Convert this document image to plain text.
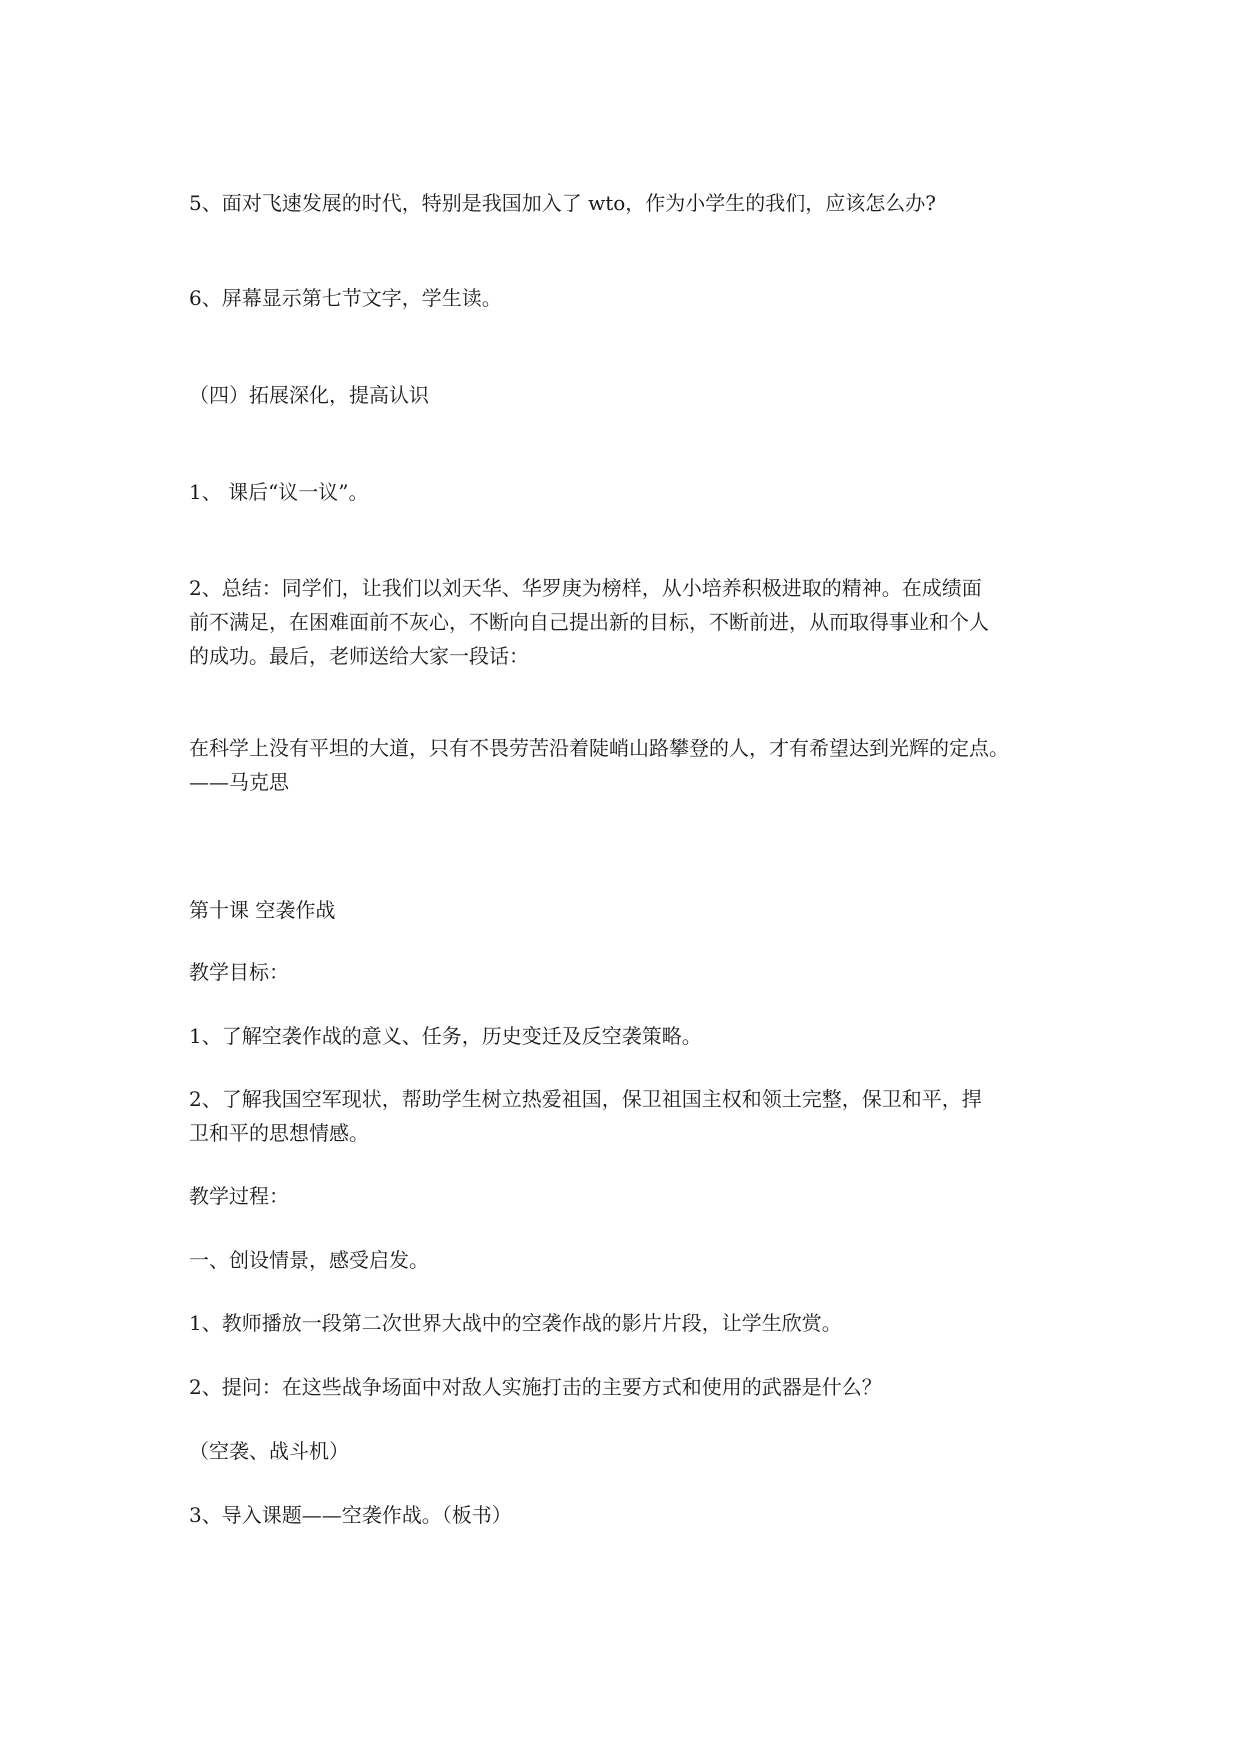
5、面对飞速发展的时代，特别是我国加入了 wto，作为小学生的我们，应该怎么办?

6、屏幕显示第七节文字，学生读。

（四）拓展深化，提高认识

1、 课后“议一议”。

2、总结：同学们，让我们以刘天华、华罗庚为榜样，从小培养积极进取的精神。在成绩面
前不满足，在困难面前不灰心，不断向自己提出新的目标，不断前进，从而取得事业和个人
的成功。最后，老师送给大家一段话：
在科学上没有平坦的大道，只有不畏劳苦沿着陡峭山路攀登的人，才有希望达到光辉的定点。
——马克思

第十课 空袭作战

教学目标：

1、了解空袭作战的意义、任务，历史变迁及反空袭策略。

2、了解我国空军现状，帮助学生树立热爱祖国，保卫祖国主权和领土完整，保卫和平，捍
卫和平的思想情感。

教学过程：

一、创设情景，感受启发。

1、教师播放一段第二次世界大战中的空袭作战的影片片段，让学生欣赏。

2、提问：在这些战争场面中对敌人实施打击的主要方式和使用的武器是什么？

（空袭、战斗机）

3、导入课题——空袭作战。（板书）
